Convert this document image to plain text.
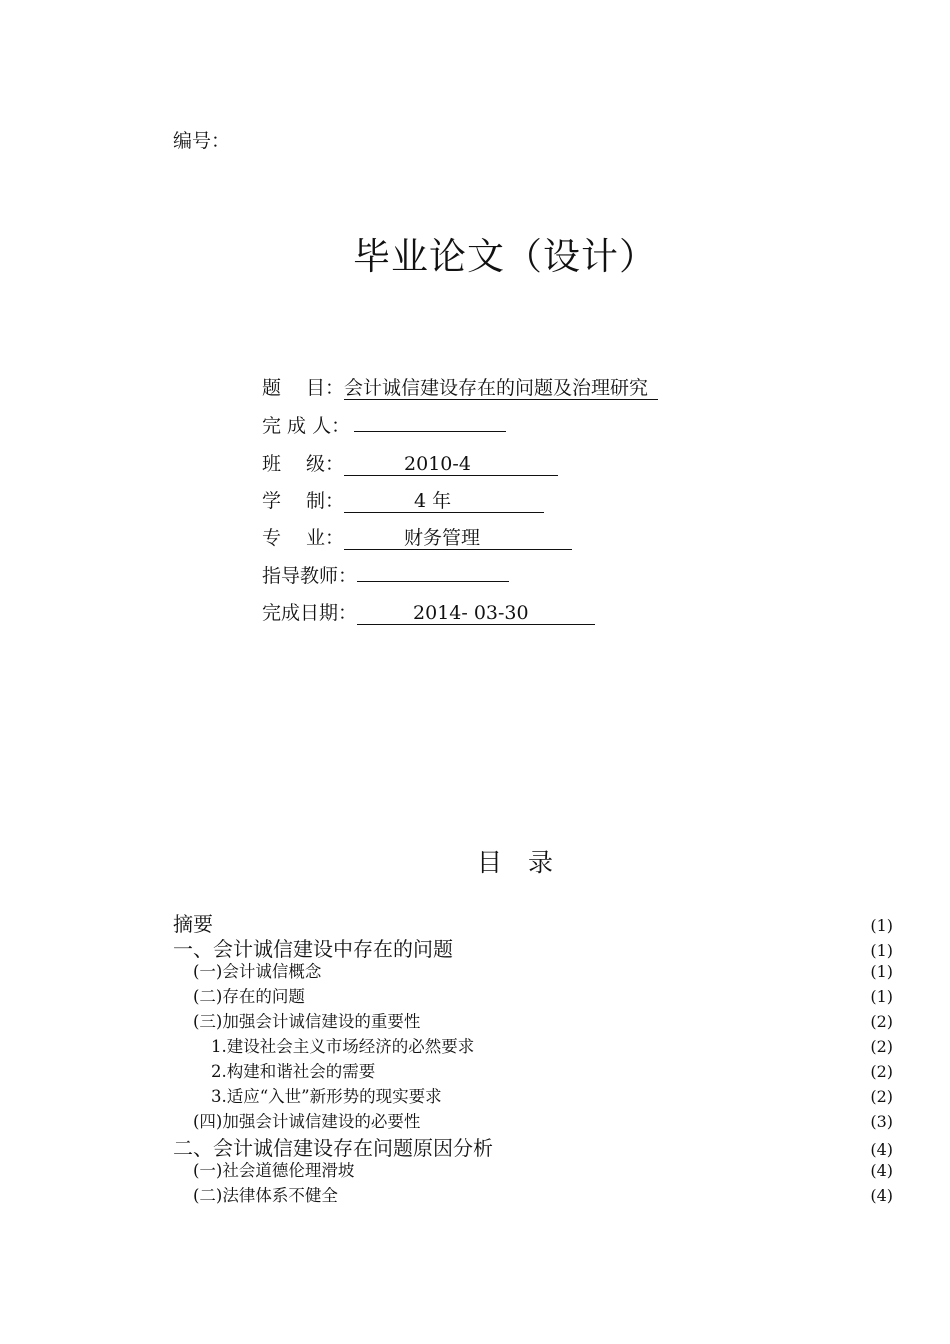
编号：
毕业论文（设计）
题　 目： 会计诚信建设存在的问题及治理研究
完 成 人：
班　 级：	2010-4
学　 制：	4 年
专　 业：	财务管理
指导教师：
完成日期：	2014- 03-30
目 录
摘要	(1)
一、会计诚信建设中存在的问题	(1)
(一)会计诚信概念	(1)
(二)存在的问题	(1)
(三)加强会计诚信建设的重要性	(2)
1.建设社会主义市场经济的必然要求	(2)
2.构建和谐社会的需要	(2)
3.适应“入世”新形势的现实要求	(2)
(四)加强会计诚信建设的必要性	(3)
二、会计诚信建设存在问题原因分析	(4)
(一)社会道德伦理滑坡	(4)
(二)法律体系不健全	(4)
